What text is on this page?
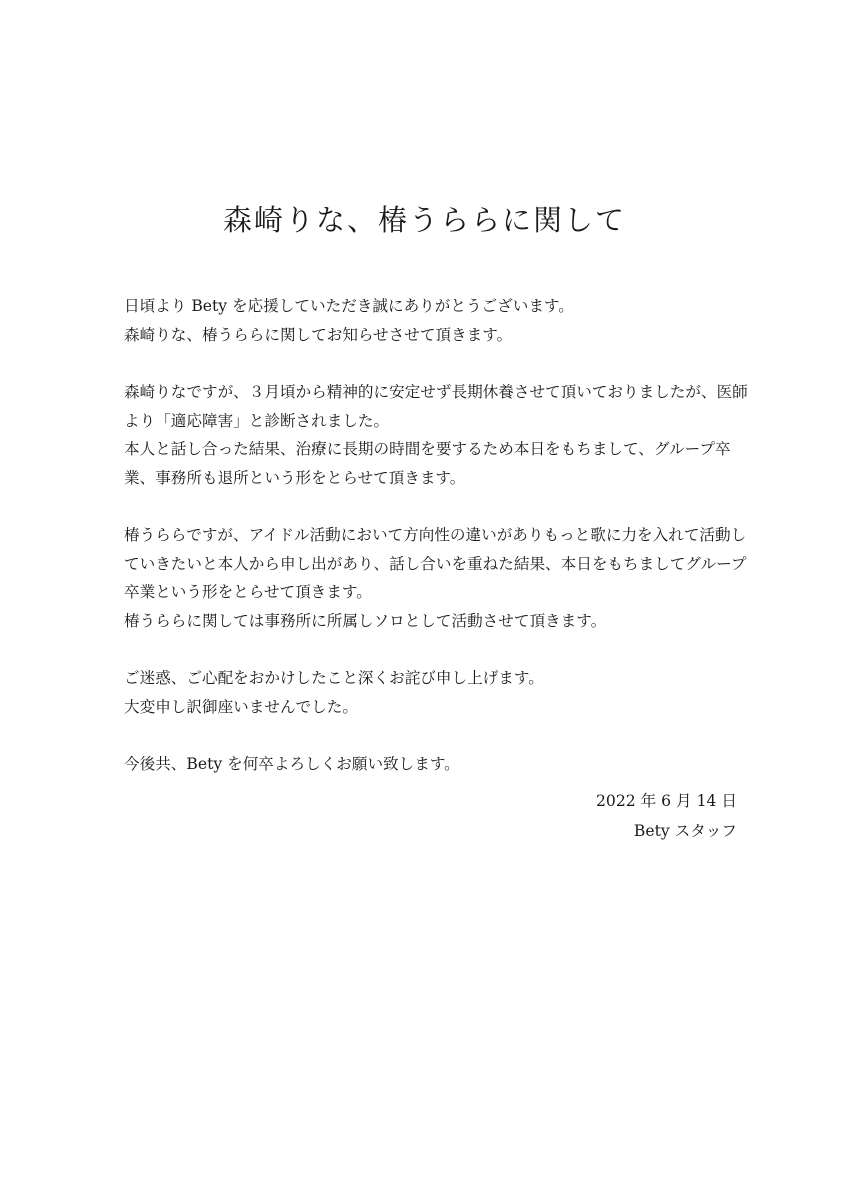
森崎りな、椿うららに関して

日頃より Bety を応援していただき誠にありがとうございます。

森崎りな、椿うららに関してお知らせさせて頂きます。

森崎りなですが、３月頃から精神的に安定せず長期休養させて頂いておりましたが、医師

より「適応障害」と診断されました。

本人と話し合った結果、治療に長期の時間を要するため本日をもちまして、グループ卒

業、事務所も退所という形をとらせて頂きます。

椿うららですが、アイドル活動において方向性の違いがありもっと歌に力を入れて活動し

ていきたいと本人から申し出があり、話し合いを重ねた結果、本日をもちましてグループ

卒業という形をとらせて頂きます。

椿うららに関しては事務所に所属しソロとして活動させて頂きます。

ご迷惑、ご心配をおかけしたこと深くお詫び申し上げます。

大変申し訳御座いませんでした。

今後共、Bety を何卒よろしくお願い致します。

2022 年 6 月 14 日

Bety スタッフ
